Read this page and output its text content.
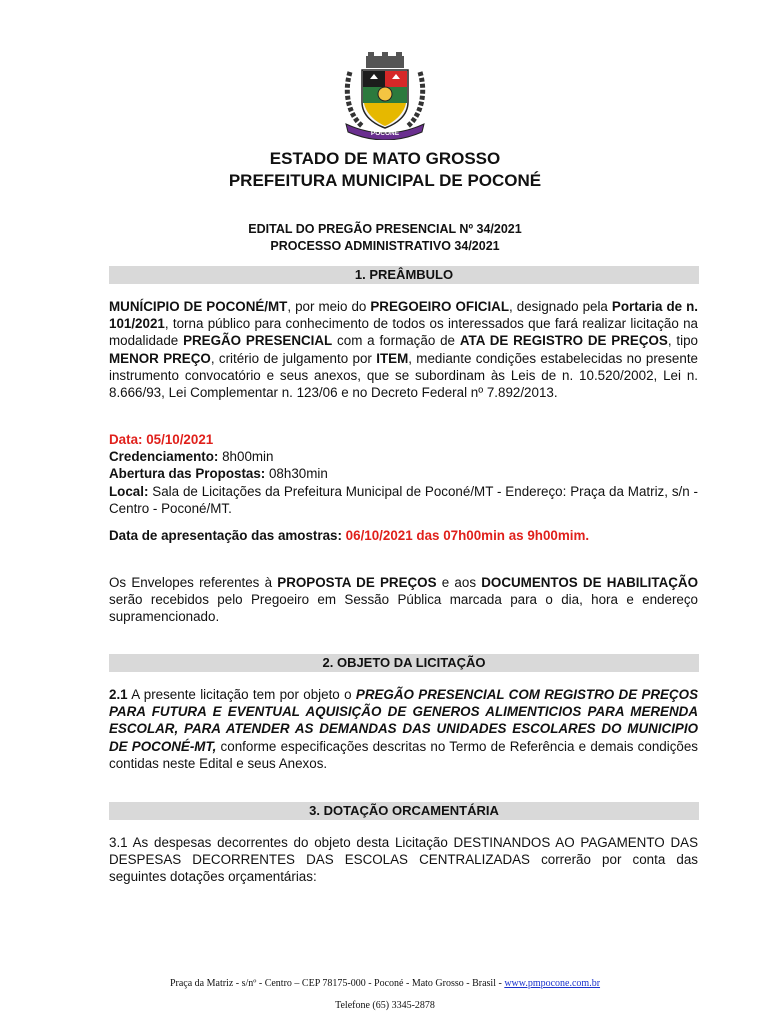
POCONÉ
ESTADO DE MATO GROSSO
PREFEITURA MUNICIPAL DE POCONÉ
EDITAL DO PREGÃO PRESENCIAL Nº 34/2021
PROCESSO ADMINISTRATIVO 34/2021
1. PREÂMBULO
MUNÍCIPIO DE POCONÉ/MT, por meio do PREGOEIRO OFICIAL, designado pela Portaria de n. 101/2021, torna público para conhecimento de todos os interessados que fará realizar licitação na modalidade PREGÃO PRESENCIAL com a formação de ATA DE REGISTRO DE PREÇOS, tipo MENOR PREÇO, critério de julgamento por ITEM, mediante condições estabelecidas no presente instrumento convocatório e seus anexos, que se subordinam às Leis de n. 10.520/2002, Lei n. 8.666/93, Lei Complementar n. 123/06 e no Decreto Federal nº 7.892/2013.
Data: 05/10/2021
Credenciamento: 8h00min
Abertura das Propostas: 08h30min
Local: Sala de Licitações da Prefeitura Municipal de Poconé/MT - Endereço: Praça da Matriz, s/n - Centro - Poconé/MT.
Data de apresentação das amostras: 06/10/2021 das 07h00min as 9h00mim.
Os Envelopes referentes à PROPOSTA DE PREÇOS e aos DOCUMENTOS DE HABILITAÇÃO serão recebidos pelo Pregoeiro em Sessão Pública marcada para o dia, hora e endereço supramencionado.
2. OBJETO DA LICITAÇÃO
2.1 A presente licitação tem por objeto o PREGÃO PRESENCIAL COM REGISTRO DE PREÇOS PARA FUTURA E EVENTUAL AQUISIÇÃO DE GENEROS ALIMENTICIOS PARA MERENDA ESCOLAR, PARA ATENDER AS DEMANDAS DAS UNIDADES ESCOLARES DO MUNICIPIO DE POCONÉ-MT, conforme especificações descritas no Termo de Referência e demais condições contidas neste Edital e seus Anexos.
3. DOTAÇÃO ORCAMENTÁRIA
3.1 As despesas decorrentes do objeto desta Licitação DESTINANDOS AO PAGAMENTO DAS DESPESAS DECORRENTES DAS ESCOLAS CENTRALIZADAS correrão por conta das seguintes dotações orçamentárias:
Praça da Matriz - s/nº - Centro – CEP 78175-000 - Poconé - Mato Grosso - Brasil - www.pmpocone.com.br
Telefone (65) 3345-2878
